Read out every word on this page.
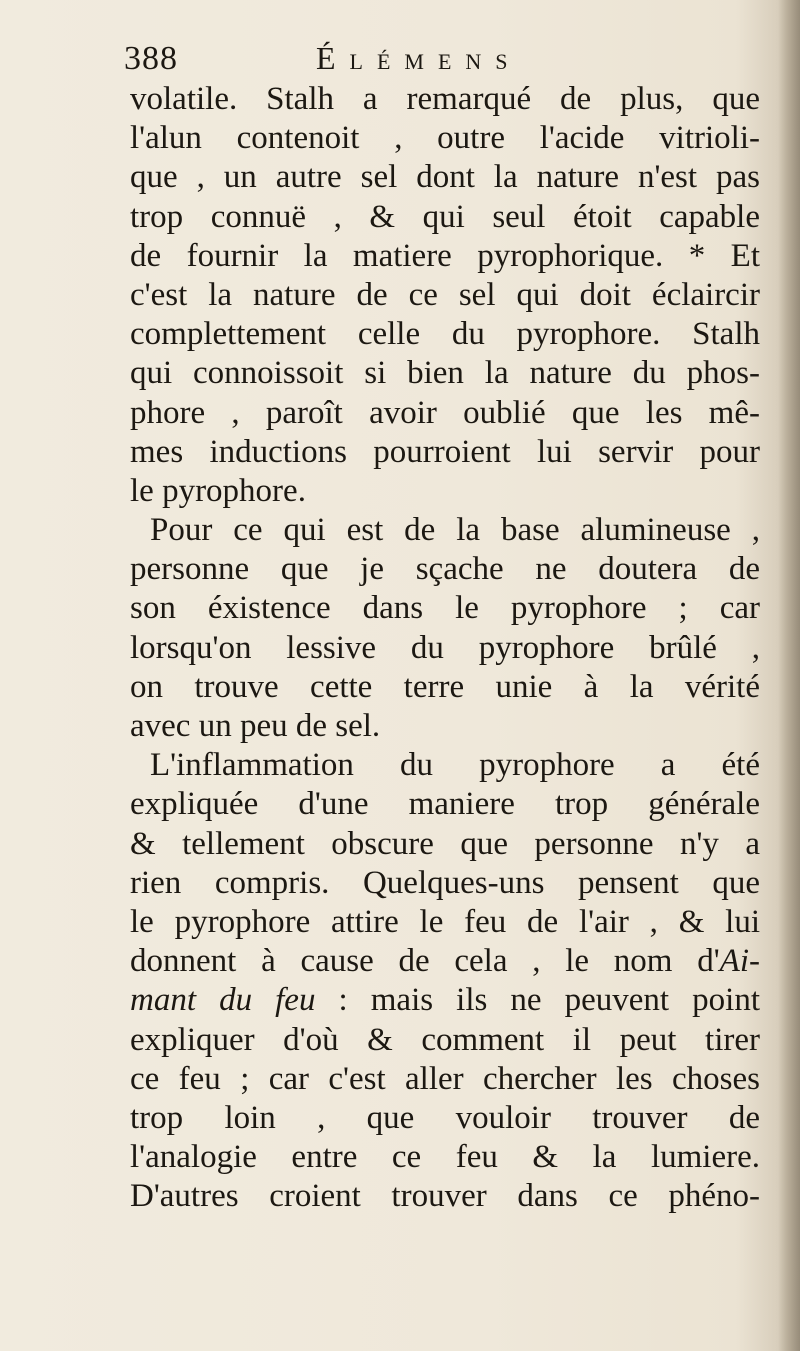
388	Élémens
volatile. Stalh a remarqué de plus, que
l'alun contenoit , outre l'acide vitrioli-
que , un autre sel dont la nature n'est pas
trop connuë , & qui seul étoit capable
de fournir la matiere pyrophorique. * Et
c'est la nature de ce sel qui doit éclaircir
complettement celle du pyrophore. Stalh
qui connoissoit si bien la nature du phos-
phore , paroît avoir oublié que les mê-
mes inductions pourroient lui servir pour
le pyrophore.
Pour ce qui est de la base alumineuse ,
personne que je sçache ne doutera de
son éxistence dans le pyrophore ; car
lorsqu'on lessive du pyrophore brûlé ,
on trouve cette terre unie à la vérité
avec un peu de sel.
L'inflammation du pyrophore a été
expliquée d'une maniere trop générale
& tellement obscure que personne n'y a
rien compris. Quelques-uns pensent que
le pyrophore attire le feu de l'air , & lui
donnent à cause de cela , le nom d'Ai-
mant du feu : mais ils ne peuvent point
expliquer d'où & comment il peut tirer
ce feu ; car c'est aller chercher les choses
trop loin , que vouloir trouver de
l'analogie entre ce feu & la lumiere.
D'autres croient trouver dans ce phéno-
